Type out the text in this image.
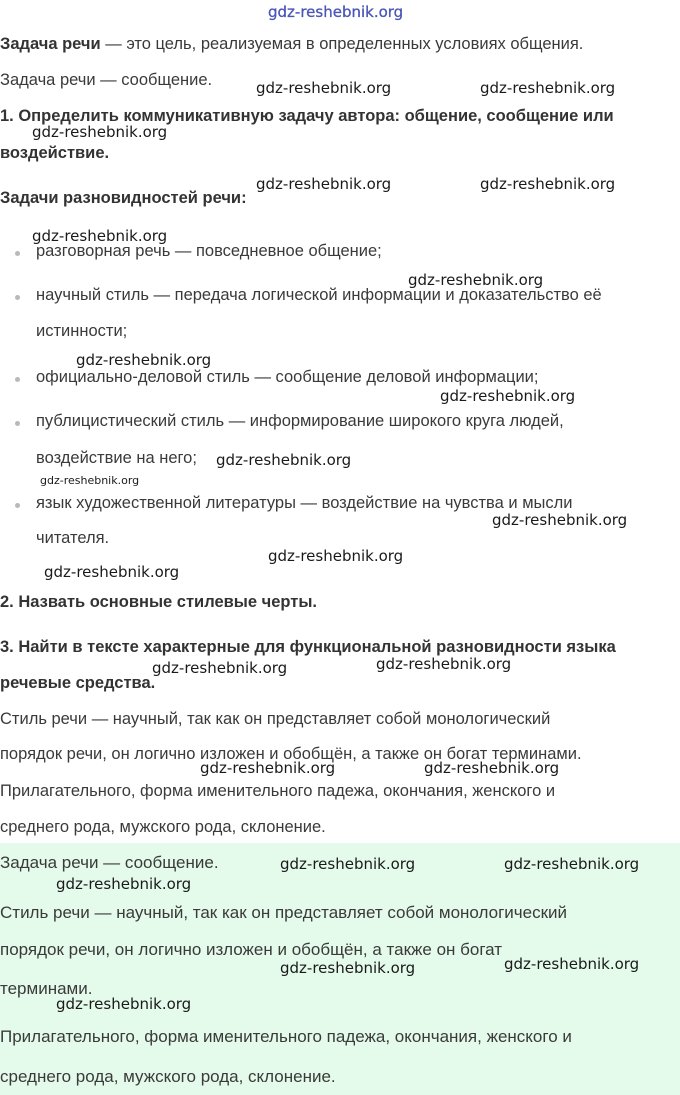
gdz-reshebnik.org
Задача речи — это цель, реализуемая в определенных условиях общения.
Задача речи — сообщение.
1. Определить коммуникативную задачу автора: общение, сообщение или
воздействие.
Задачи разновидностей речи:
разговорная речь — повседневное общение;
научный стиль — передача логической информации и доказательство её
истинности;
официально-деловой стиль — сообщение деловой информации;
публицистический стиль — информирование широкого круга людей,
воздействие на него;
язык художественной литературы — воздействие на чувства и мысли
читателя.
2. Назвать основные стилевые черты.
3. Найти в тексте характерные для функциональной разновидности языка
речевые средства.
Стиль речи — научный, так как он представляет собой монологический
порядок речи, он логично изложен и обобщён, а также он богат терминами.
Прилагательного, форма именительного падежа, окончания, женского и
среднего рода, мужского рода, склонение.
Задача речи — сообщение.
Стиль речи — научный, так как он представляет собой монологический
порядок речи, он логично изложен и обобщён, а также он богат
терминами.
Прилагательного, форма именительного падежа, окончания, женского и
среднего рода, мужского рода, склонение.
gdz-reshebnik.org	gdz-reshebnik.org
gdz-reshebnik.org
gdz-reshebnik.org	gdz-reshebnik.org
gdz-reshebnik.org
gdz-reshebnik.org
gdz-reshebnik.org
gdz-reshebnik.org
gdz-reshebnik.org
gdz-reshebnik.org
gdz-reshebnik.org
gdz-reshebnik.org
gdz-reshebnik.org
gdz-reshebnik.org
gdz-reshebnik.org
gdz-reshebnik.org	gdz-reshebnik.org
gdz-reshebnik.org	gdz-reshebnik.org
gdz-reshebnik.org
gdz-reshebnik.org
gdz-reshebnik.org
gdz-reshebnik.org
